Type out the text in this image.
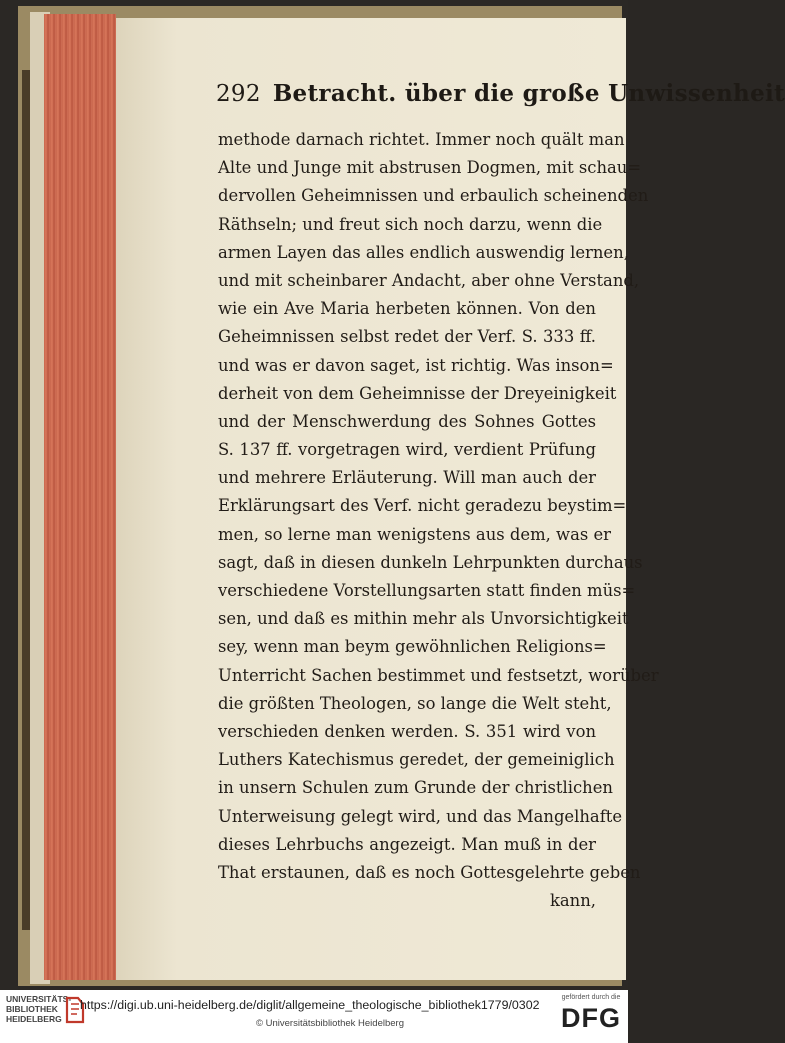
292 Betracht. über die große Unwissenheit
methode darnach richtet. Immer noch quält man
Alte und Junge mit abstrusen Dogmen, mit schau=
dervollen Geheimnissen und erbaulich scheinenden
Räthseln; und freut sich noch darzu, wenn die
armen Layen das alles endlich auswendig lernen,
und mit scheinbarer Andacht, aber ohne Verstand,
wie ein Ave Maria herbeten können. Von den
Geheimnissen selbst redet der Verf. S. 333 ff.
und was er davon saget, ist richtig. Was inson=
derheit von dem Geheimnisse der Dreyeinigkeit
und der Menschwerdung des Sohnes Gottes
S. 137 ff. vorgetragen wird, verdient Prüfung
und mehrere Erläuterung. Will man auch der
Erklärungsart des Verf. nicht geradezu beystim=
men, so lerne man wenigstens aus dem, was er
sagt, daß in diesen dunkeln Lehrpunkten durchaus
verschiedene Vorstellungsarten statt finden müs=
sen, und daß es mithin mehr als Unvorsichtigkeit
sey, wenn man beym gewöhnlichen Religions=
Unterricht Sachen bestimmet und festsetzt, worüber
die größten Theologen, so lange die Welt steht,
verschieden denken werden. S. 351 wird von
Luthers Katechismus geredet, der gemeiniglich
in unsern Schulen zum Grunde der christlichen
Unterweisung gelegt wird, und das Mangelhafte
dieses Lehrbuchs angezeigt. Man muß in der
That erstaunen, daß es noch Gottesgelehrte geben
kann,
UNIVERSITÄTS-
BIBLIOTHEK
HEIDELBERG
https://digi.ub.uni-heidelberg.de/diglit/allgemeine_theologische_bibliothek1779/0302
© Universitätsbibliothek Heidelberg
gefördert durch die
DFG
